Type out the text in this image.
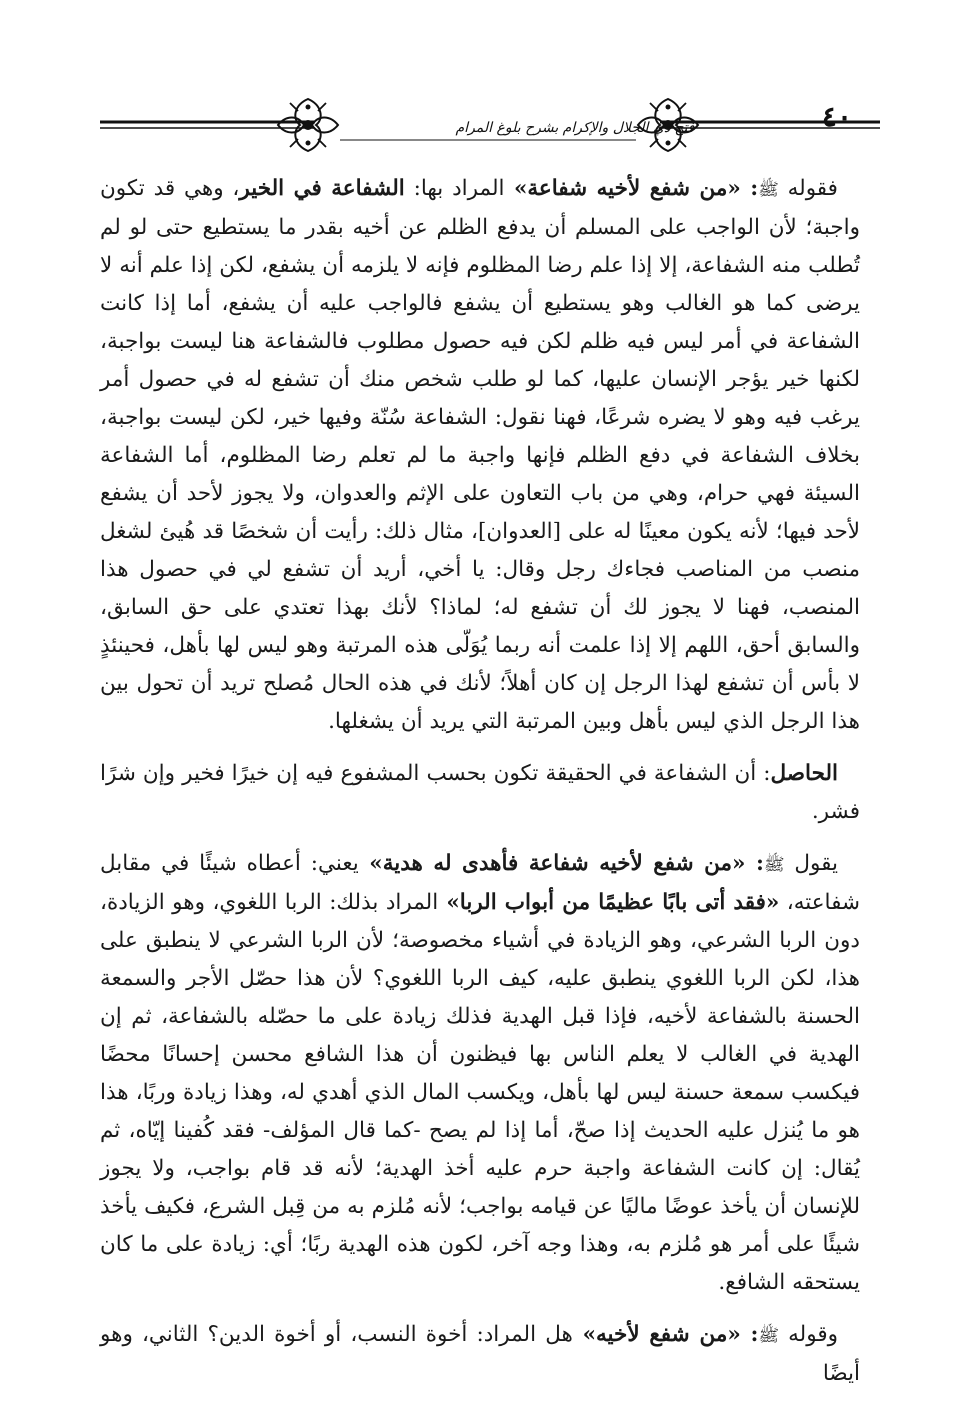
فتح ذي الجلال والإكرام بشرح بلوغ المرام	٤٠

فقوله ﷺ: «من شفع لأخيه شفاعة» المراد بها: الشفاعة في الخير، وهي قد تكون واجبة؛ لأن الواجب على المسلم أن يدفع الظلم عن أخيه بقدر ما يستطيع حتى لو لم تُطلب منه الشفاعة، إلا إذا علم رضا المظلوم فإنه لا يلزمه أن يشفع، لكن إذا علم أنه لا يرضى كما هو الغالب وهو يستطيع أن يشفع فالواجب عليه أن يشفع، أما إذا كانت الشفاعة في أمر ليس فيه ظلم لكن فيه حصول مطلوب فالشفاعة هنا ليست بواجبة، لكنها خير يؤجر الإنسان عليها، كما لو طلب شخص منك أن تشفع له في حصول أمر يرغب فيه وهو لا يضره شرعًا، فهنا نقول: الشفاعة سُنّة وفيها خير، لكن ليست بواجبة، بخلاف الشفاعة في دفع الظلم فإنها واجبة ما لم تعلم رضا المظلوم، أما الشفاعة السيئة فهي حرام، وهي من باب التعاون على الإثم والعدوان، ولا يجوز لأحد أن يشفع لأحد فيها؛ لأنه يكون معينًا له على [العدوان]، مثال ذلك: رأيت أن شخصًا قد هُيئ لشغل منصب من المناصب فجاءك رجل وقال: يا أخي، أريد أن تشفع لي في حصول هذا المنصب، فهنا لا يجوز لك أن تشفع له؛ لماذا؟ لأنك بهذا تعتدي على حق السابق، والسابق أحق، اللهم إلا إذا علمت أنه ربما يُوَلّى هذه المرتبة وهو ليس لها بأهل، فحينئذٍ لا بأس أن تشفع لهذا الرجل إن كان أهلاً؛ لأنك في هذه الحال مُصلح تريد أن تحول بين هذا الرجل الذي ليس بأهل وبين المرتبة التي يريد أن يشغلها.

الحاصل: أن الشفاعة في الحقيقة تكون بحسب المشفوع فيه إن خيرًا فخير وإن شرًا فشر.

يقول ﷺ: «من شفع لأخيه شفاعة فأهدى له هدية» يعني: أعطاه شيئًا في مقابل شفاعته، «فقد أتى بابًا عظيمًا من أبواب الربا» المراد بذلك: الربا اللغوي، وهو الزيادة، دون الربا الشرعي، وهو الزيادة في أشياء مخصوصة؛ لأن الربا الشرعي لا ينطبق على هذا، لكن الربا اللغوي ينطبق عليه، كيف الربا اللغوي؟ لأن هذا حصّل الأجر والسمعة الحسنة بالشفاعة لأخيه، فإذا قبل الهدية فذلك زيادة على ما حصّله بالشفاعة، ثم إن الهدية في الغالب لا يعلم الناس بها فيظنون أن هذا الشافع محسن إحسانًا محضًا فيكسب سمعة حسنة ليس لها بأهل، ويكسب المال الذي أهدي له، وهذا زيادة وربًا، هذا هو ما يُنزل عليه الحديث إذا صحّ، أما إذا لم يصح -كما قال المؤلف- فقد كُفينا إيّاه، ثم يُقال: إن كانت الشفاعة واجبة حرم عليه أخذ الهدية؛ لأنه قد قام بواجب، ولا يجوز للإنسان أن يأخذ عوضًا ماليًا عن قيامه بواجب؛ لأنه مُلزم به من قِبل الشرع، فكيف يأخذ شيئًا على أمر هو مُلزم به، وهذا وجه آخر، لكون هذه الهدية ربًا؛ أي: زيادة على ما كان يستحقه الشافع.

وقوله ﷺ: «من شفع لأخيه» هل المراد: أخوة النسب، أو أخوة الدين؟ الثاني، وهو أيضًا
